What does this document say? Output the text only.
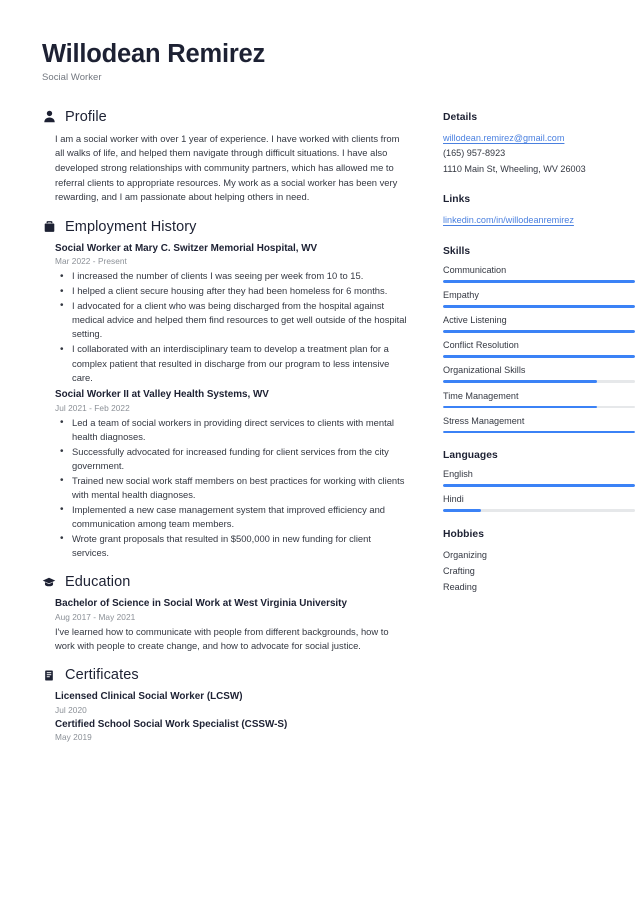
Willodean Remirez
Social Worker
Profile
I am a social worker with over 1 year of experience. I have worked with clients from all walks of life, and helped them navigate through difficult situations. I have also developed strong relationships with community partners, which has allowed me to referral clients to appropriate resources. My work as a social worker has been very rewarding, and I am passionate about helping others in need.
Employment History
Social Worker at Mary C. Switzer Memorial Hospital, WV
Mar 2022 - Present
• I increased the number of clients I was seeing per week from 10 to 15.
• I helped a client secure housing after they had been homeless for 6 months.
• I advocated for a client who was being discharged from the hospital against medical advice and helped them find resources to get well outside of the hospital setting.
• I collaborated with an interdisciplinary team to develop a treatment plan for a complex patient that resulted in discharge from our program to less intensive care.
Social Worker II at Valley Health Systems, WV
Jul 2021 - Feb 2022
• Led a team of social workers in providing direct services to clients with mental health diagnoses.
• Successfully advocated for increased funding for client services from the city government.
• Trained new social work staff members on best practices for working with clients with mental health diagnoses.
• Implemented a new case management system that improved efficiency and communication among team members.
• Wrote grant proposals that resulted in $500,000 in new funding for client services.
Education
Bachelor of Science in Social Work at West Virginia University
Aug 2017 - May 2021
I've learned how to communicate with people from different backgrounds, how to work with people to create change, and how to advocate for social justice.
Certificates
Licensed Clinical Social Worker (LCSW)
Jul 2020
Certified School Social Work Specialist (CSSW-S)
May 2019
Details
willodean.remirez@gmail.com
(165) 957-8923
1110 Main St, Wheeling, WV 26003
Links
linkedin.com/in/willodeanremirez
Skills
Communication
Empathy
Active Listening
Conflict Resolution
Organizational Skills
Time Management
Stress Management
Languages
English
Hindi
Hobbies
Organizing
Crafting
Reading
